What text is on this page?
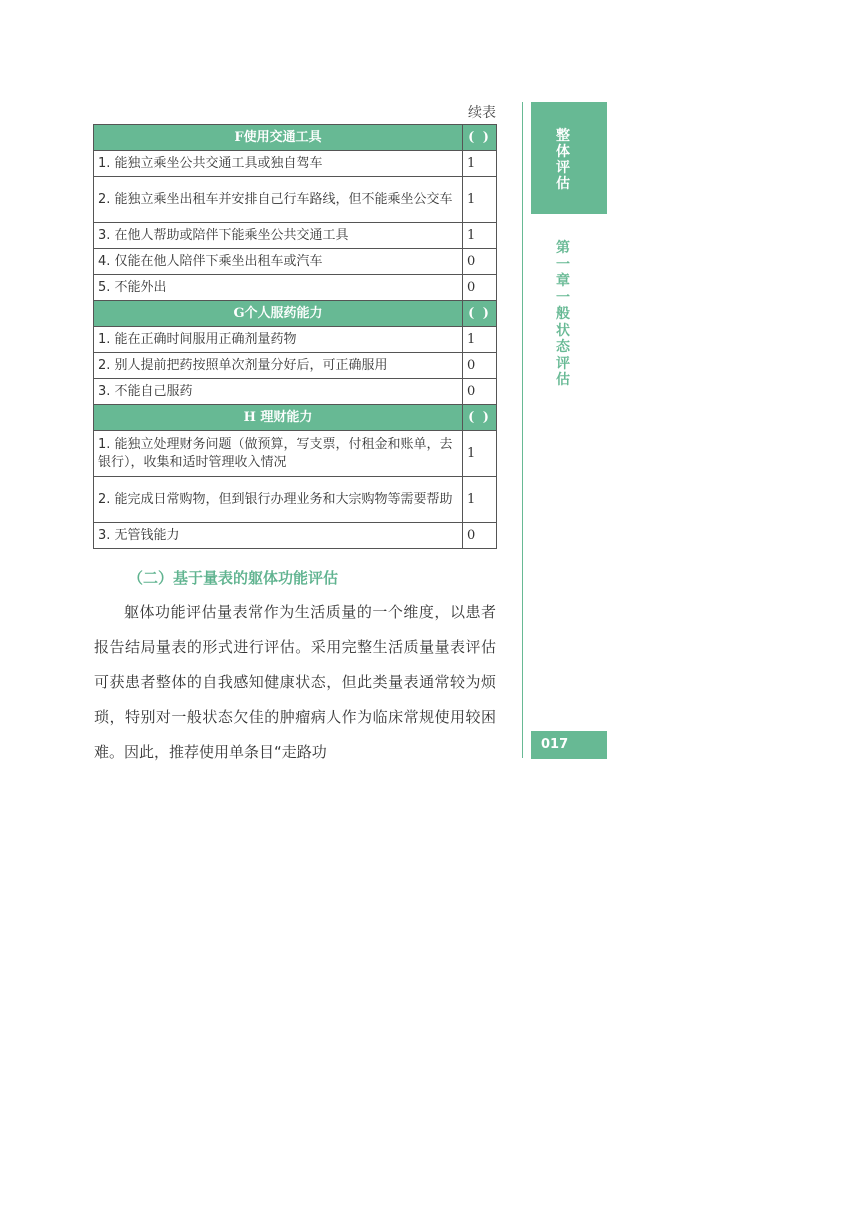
续表
F使用交通工具	( )
1. 能独立乘坐公共交通工具或独自驾车	1
2. 能独立乘坐出租车并安排自己行车路线，但不能乘坐公交车	1
3. 在他人帮助或陪伴下能乘坐公共交通工具	1
4. 仅能在他人陪伴下乘坐出租车或汽车	0
5. 不能外出	0
G个人服药能力	( )
1. 能在正确时间服用正确剂量药物	1
2. 别人提前把药按照单次剂量分好后，可正确服用	0
3. 不能自己服药	0
H 理财能力	( )
1. 能独立处理财务问题（做预算，写支票，付租金和账单，去银行），收集和适时管理收入情况	1
2. 能完成日常购物，但到银行办理业务和大宗购物等需要帮助	1
3. 无管钱能力	0
（二）基于量表的躯体功能评估

躯体功能评估量表常作为生活质量的一个维度，以患者报告结局量表的形式进行评估。采用完整生活质量量表评估可获患者整体的自我感知健康状态，但此类量表通常较为烦琐，特别对一般状态欠佳的肿瘤病人作为临床常规使用较困难。因此，推荐使用单条目“走路功

整体评估
第一章　一般状态评估
017
